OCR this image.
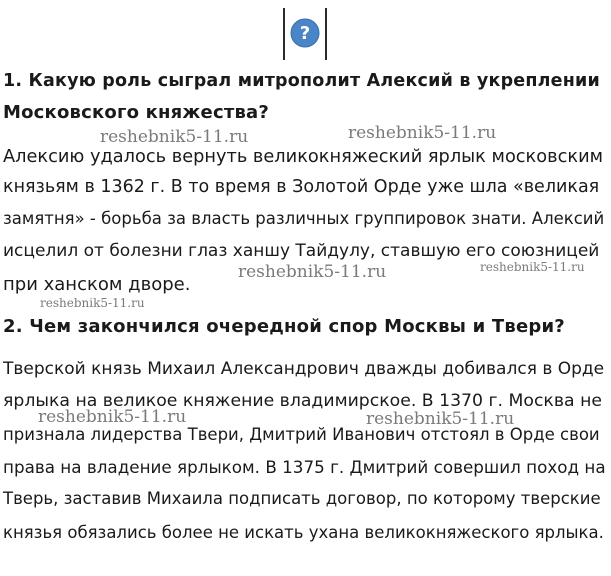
?
1. Какую роль сыграл митрополит Алексий в укреплении
Московского княжества?
Алексию удалось вернуть великокняжеский ярлык московским
князьям в 1362 г. В то время в Золотой Орде уже шла «великая
замятня» - борьба за власть различных группировок знати. Алексий
исцелил от болезни глаз ханшу Тайдулу, ставшую его союзницей
при ханском дворе.
2. Чем закончился очередной спор Москвы и Твери?
Тверской князь Михаил Александрович дважды добивался в Орде
ярлыка на великое княжение владимирское. В 1370 г. Москва не
признала лидерства Твери, Дмитрий Иванович отстоял в Орде свои
права на владение ярлыком. В 1375 г. Дмитрий совершил поход на
Тверь, заставив Михаила подписать договор, по которому тверские
князья обязались более не искать ухана великокняжеского ярлыка.
reshebnik5-11.ru	reshebnik5-11.ru
reshebnik5-11.ru	reshebnik5-11.ru
reshebnik5-11.ru
reshebnik5-11.ru	reshebnik5-11.ru
